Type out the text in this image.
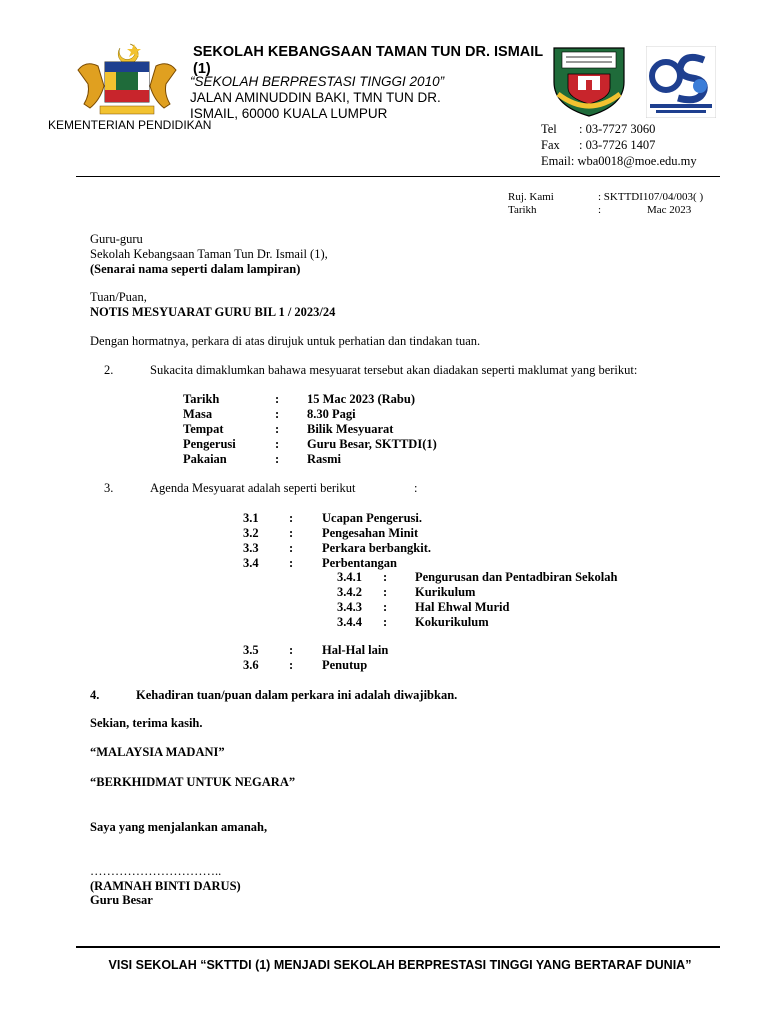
SEKOLAH KEBANGSAAN TAMAN TUN DR. ISMAIL (1)
“SEKOLAH BERPRESTASI TINGGI 2010”
JALAN AMINUDDIN BAKI, TMN TUN DR.
ISMAIL, 60000 KUALA LUMPUR
KEMENTERIAN PENDIDIKAN	Tel : 03-7727 3060
Fax : 03-7726 1407
Email: wba0018@moe.edu.my
Ruj. Kami	: SKTTDI107/04/003( )
Tarikh	:	Mac 2023
Guru-guru
Sekolah Kebangsaan Taman Tun Dr. Ismail (1),
(Senarai nama seperti dalam lampiran)
Tuan/Puan,
NOTIS MESYUARAT GURU BIL 1 / 2023/24
Dengan hormatnya, perkara di atas dirujuk untuk perhatian dan tindakan tuan.
2.	Sukacita dimaklumkan bahawa mesyuarat tersebut akan diadakan seperti maklumat yang berikut:
Tarikh	:	15 Mac 2023 (Rabu)
Masa	:	8.30 Pagi
Tempat	:	Bilik Mesyuarat
Pengerusi	:	Guru Besar, SKTTDI(1)
Pakaian	:	Rasmi
3.	Agenda Mesyuarat adalah seperti berikut	:
3.1	:	Ucapan Pengerusi.
3.2	:	Pengesahan Minit
3.3	:	Perkara berbangkit.
3.4	:	Perbentangan
3.4.1	:	Pengurusan dan Pentadbiran Sekolah
3.4.2	:	Kurikulum
3.4.3	:	Hal Ehwal Murid
3.4.4	:	Kokurikulum
3.5	:	Hal-Hal lain
3.6	:	Penutup
4.	Kehadiran tuan/puan dalam perkara ini adalah diwajibkan.
Sekian, terima kasih.
“MALAYSIA MADANI”
“BERKHIDMAT UNTUK NEGARA”
Saya yang menjalankan amanah,
…………………………..
(RAMNAH BINTI DARUS)
Guru Besar
VISI SEKOLAH “SKTTDI (1) MENJADI SEKOLAH BERPRESTASI TINGGI YANG BERTARAF DUNIA”
